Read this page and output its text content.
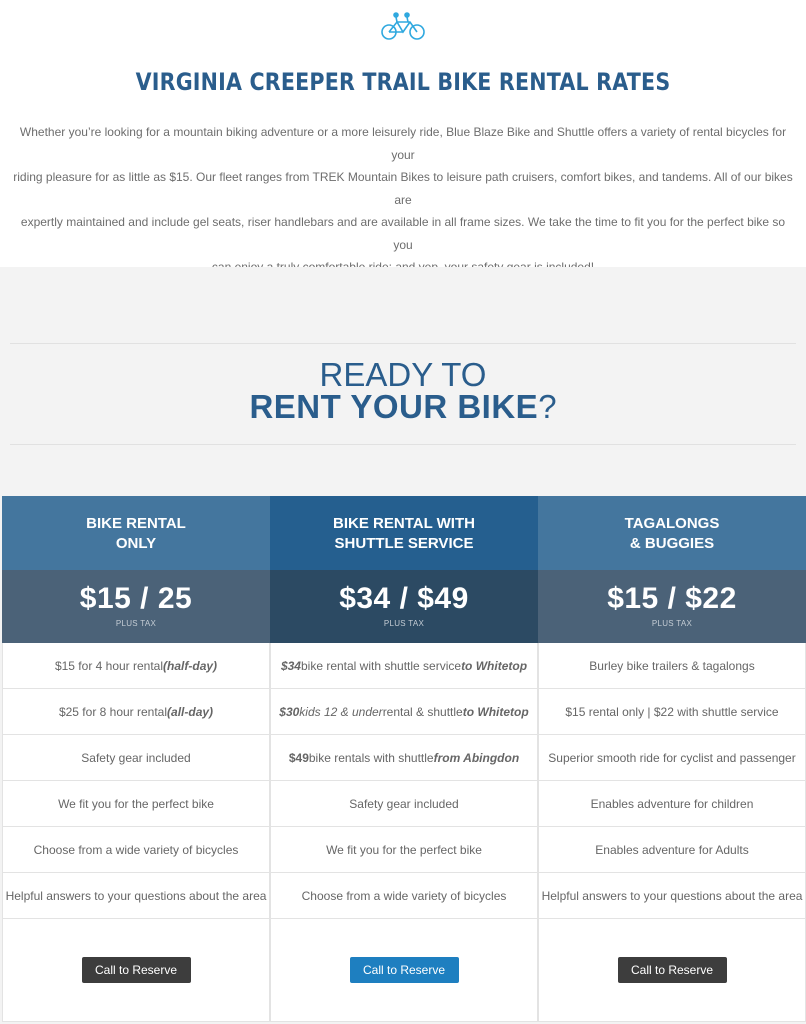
VIRGINIA CREEPER TRAIL BIKE RENTAL RATES
Whether you’re looking for a mountain biking adventure or a more leisurely ride, Blue Blaze Bike and Shuttle offers a variety of rental bicycles for your
riding pleasure for as little as $15. Our fleet ranges from TREK Mountain Bikes to leisure path cruisers, comfort bikes, and tandems. All of our bikes are
expertly maintained and include gel seats, riser handlebars and are available in all frame sizes. We take the time to fit you for the perfect bike so you
READY TO
RENT YOUR BIKE?
BIKE RENTAL
ONLY
$15 / 25
PLUS TAX
$15 for 4 hour rental (half-day)
$25 for 8 hour rental (all-day)
Safety gear included
We fit you for the perfect bike
Choose from a wide variety of bicycles
Helpful answers to your questions about the area
Call to Reserve
BIKE RENTAL WITH
SHUTTLE SERVICE
$34 / $49
PLUS TAX
$34 bike rental with shuttle service to Whitetop
$30 kids 12 & under rental & shuttle to Whitetop
$49 bike rentals with shuttle from Abingdon
Safety gear included
We fit you for the perfect bike
Choose from a wide variety of bicycles
Call to Reserve
TAGALONGS
& BUGGIES
$15 / $22
PLUS TAX
Burley bike trailers & tagalongs
$15 rental only | $22 with shuttle service
Superior smooth ride for cyclist and passenger
Enables adventure for children
Enables adventure for Adults
Helpful answers to your questions about the area
Call to Reserve
